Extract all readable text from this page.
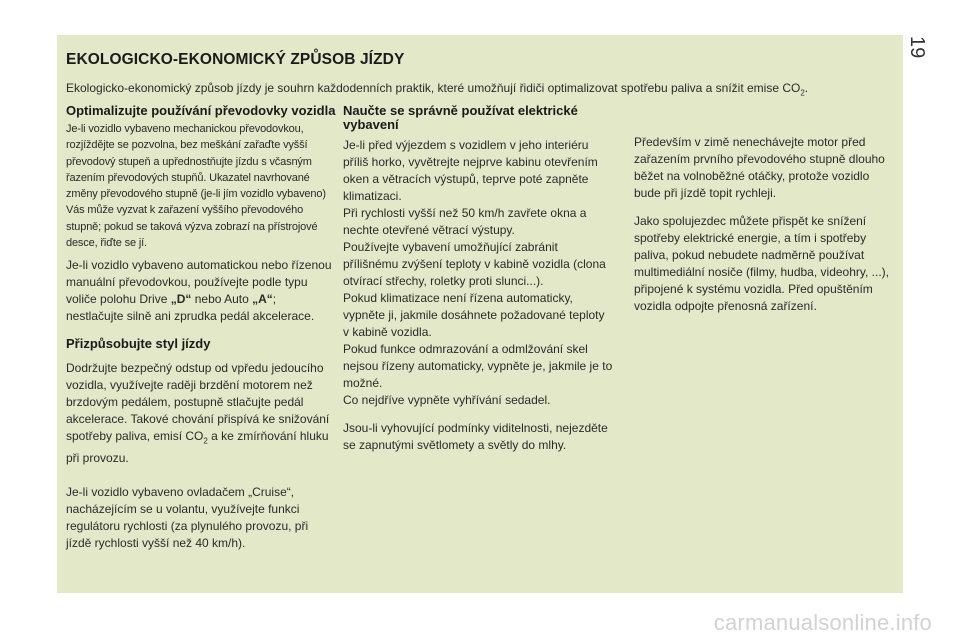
19
EKOLOGICKO-EKONOMICKÝ ZPŮSOB JÍZDY

Ekologicko-ekonomický způsob jízdy je souhrn každodenních praktik, které umožňují řidiči optimalizovat spotřebu paliva a snížit emise $CO_2$.

Optimalizujte používání převodovky vozidla

Je-li vozidlo vybaveno mechanickou převodovkou, rozjíždějte se pozvolna, bez meškání zařaďte vyšší převodový stupeň a upřednostňujte jízdu s včasným řazením převodových stupňů. Ukazatel navrhované změny převodového stupně (je-li jím vozidlo vybaveno) Vás může vyzvat k zařazení vyššího převodového stupně; pokud se taková výzva zobrazí na přístrojové desce, řiďte se jí.

Je-li vozidlo vybaveno automatickou nebo řízenou manuální převodovkou, používejte podle typu voliče polohu Drive „D“ nebo Auto „A“; nestlačujte silně ani zprudka pedál akcelerace.

Přizpůsobujte styl jízdy

Dodržujte bezpečný odstup od vpředu jedoucího vozidla, využívejte raději brzdění motorem než brzdovým pedálem, postupně stlačujte pedál akcelerace. Takové chování přispívá ke snižování spotřeby paliva, emisí $CO_2$ a ke zmírňování hluku při provozu.

Je-li vozidlo vybaveno ovladačem „Cruise“, nacházejícím se u volantu, využívejte funkci regulátoru rychlosti (za plynulého provozu, při jízdě rychlosti vyšší než 40 km/h).

Naučte se správně používat elektrické vybavení

Je-li před výjezdem s vozidlem v jeho interiéru příliš horko, vyvětrejte nejprve kabinu otevřením oken a větracích výstupů, teprve poté zapněte klimatizaci.

Při rychlosti vyšší než 50 km/h zavřete okna a nechte otevřené větrací výstupy.

Používejte vybavení umožňující zabránit přílišnému zvýšení teploty v kabině vozidla (clona otvírací střechy, roletky proti slunci...).

Pokud klimatizace není řízena automaticky, vypněte ji, jakmile dosáhnete požadované teploty v kabině vozidla.

Pokud funkce odmrazování a odmlžování skel nejsou řízeny automaticky, vypněte je, jakmile je to možné.

Co nejdříve vypněte vyhřívání sedadel.

Jsou-li vyhovující podmínky viditelnosti, nejezděte se zapnutými světlomety a světly do mlhy.

Především v zimě nenechávejte motor před zařazením prvního převodového stupně dlouho běžet na volnoběžné otáčky, protože vozidlo bude při jízdě topit rychleji.

Jako spolujezdec můžete přispět ke snížení spotřeby elektrické energie, a tím i spotřeby paliva, pokud nebudete nadměrně používat multimediální nosiče (filmy, hudba, videohry, ...), připojené k systému vozidla. Před opuštěním vozidla odpojte přenosná zařízení.

carmanualsonline.info
